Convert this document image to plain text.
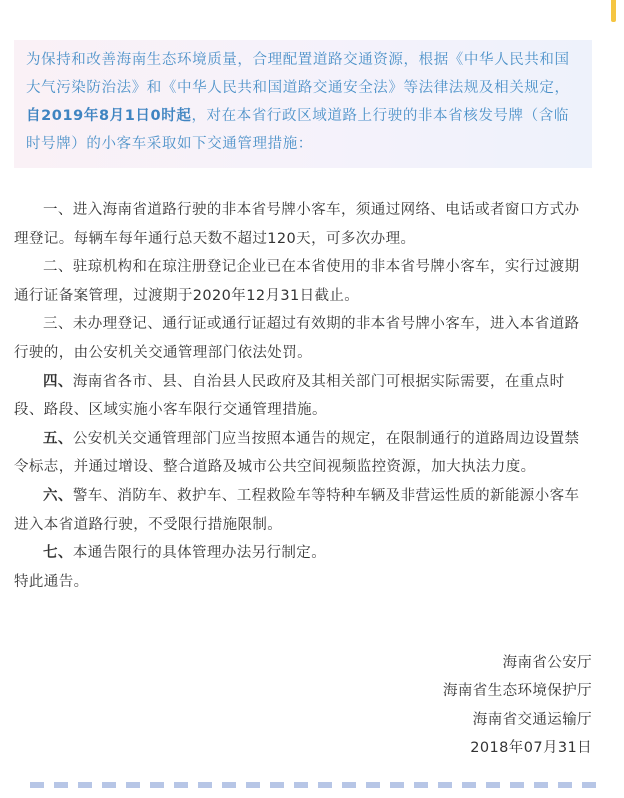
为保持和改善海南生态环境质量，合理配置道路交通资源，根据《中华人民共和国大气污染防治法》和《中华人民共和国道路交通安全法》等法律法规及相关规定，自2019年8月1日0时起，对在本省行政区域道路上行驶的非本省核发号牌（含临时号牌）的小客车采取如下交通管理措施：

一、进入海南省道路行驶的非本省号牌小客车，须通过网络、电话或者窗口方式办理登记。每辆车每年通行总天数不超过120天，可多次办理。

二、驻琼机构和在琼注册登记企业已在本省使用的非本省号牌小客车，实行过渡期通行证备案管理，过渡期于2020年12月31日截止。

三、未办理登记、通行证或通行证超过有效期的非本省号牌小客车，进入本省道路行驶的，由公安机关交通管理部门依法处罚。

四、海南省各市、县、自治县人民政府及其相关部门可根据实际需要，在重点时段、路段、区域实施小客车限行交通管理措施。

五、公安机关交通管理部门应当按照本通告的规定，在限制通行的道路周边设置禁令标志，并通过增设、整合道路及城市公共空间视频监控资源，加大执法力度。

六、警车、消防车、救护车、工程救险车等特种车辆及非营运性质的新能源小客车进入本省道路行驶，不受限行措施限制。

七、本通告限行的具体管理办法另行制定。

特此通告。

海南省公安厅
海南省生态环境保护厅
海南省交通运输厅
2018年07月31日
